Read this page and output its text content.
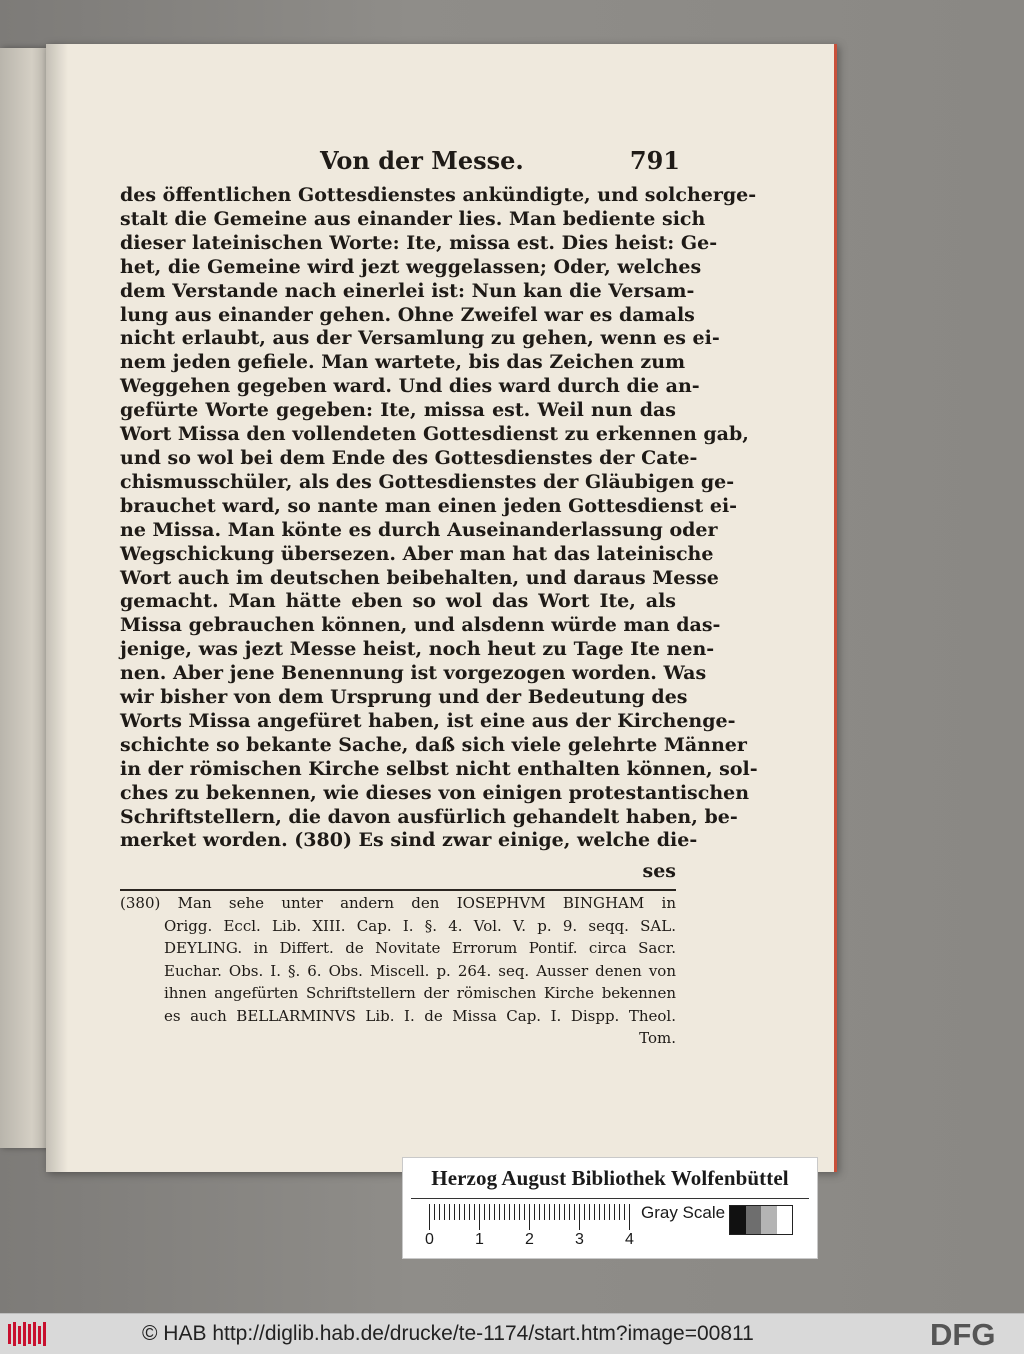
Von der Messe.	791
des öffentlichen Gottesdienstes ankündigte, und solcherge-
stalt die Gemeine aus einander lies. Man bediente sich
dieser lateinischen Worte: Ite, missa est. Dies heist: Ge-
het, die Gemeine wird jezt weggelassen; Oder, welches
dem Verstande nach einerlei ist: Nun kan die Versam-
lung aus einander gehen. Ohne Zweifel war es damals
nicht erlaubt, aus der Versamlung zu gehen, wenn es ei-
nem jeden gefiele. Man wartete, bis das Zeichen zum
Weggehen gegeben ward. Und dies ward durch die an-
gefürte Worte gegeben: Ite, missa est. Weil nun das
Wort Missa den vollendeten Gottesdienst zu erkennen gab,
und so wol bei dem Ende des Gottesdienstes der Cate-
chismusschüler, als des Gottesdienstes der Gläubigen ge-
brauchet ward, so nante man einen jeden Gottesdienst ei-
ne Missa. Man könte es durch Auseinanderlassung oder
Wegschickung übersezen. Aber man hat das lateinische
Wort auch im deutschen beibehalten, und daraus Messe
gemacht. Man hätte eben so wol das Wort Ite, als
Missa gebrauchen können, und alsdenn würde man das-
jenige, was jezt Messe heist, noch heut zu Tage Ite nen-
nen. Aber jene Benennung ist vorgezogen worden. Was
wir bisher von dem Ursprung und der Bedeutung des
Worts Missa angefüret haben, ist eine aus der Kirchenge-
schichte so bekante Sache, daß sich viele gelehrte Männer
in der römischen Kirche selbst nicht enthalten können, sol-
ches zu bekennen, wie dieses von einigen protestantischen
Schriftstellern, die davon ausfürlich gehandelt haben, be-
merket worden. (380) Es sind zwar einige, welche die-
ses
(380) Man sehe unter andern den IOSEPHVM BINGHAM in
Origg. Eccl. Lib. XIII. Cap. I. §. 4. Vol. V. p. 9. seqq. SAL.
DEYLING. in Differt. de Novitate Errorum Pontif. circa Sacr.
Euchar. Obs. I. §. 6. Obs. Miscell. p. 264. seq. Ausser denen von
ihnen angefürten Schriftstellern der römischen Kirche bekennen
es auch BELLARMINVS Lib. I. de Missa Cap. I. Dispp. Theol.
Tom.
Herzog August Bibliothek Wolfenbüttel
0	1	2	3	4
Gray Scale
© HAB http://diglib.hab.de/drucke/te-1174/start.htm?image=00811	DFG
